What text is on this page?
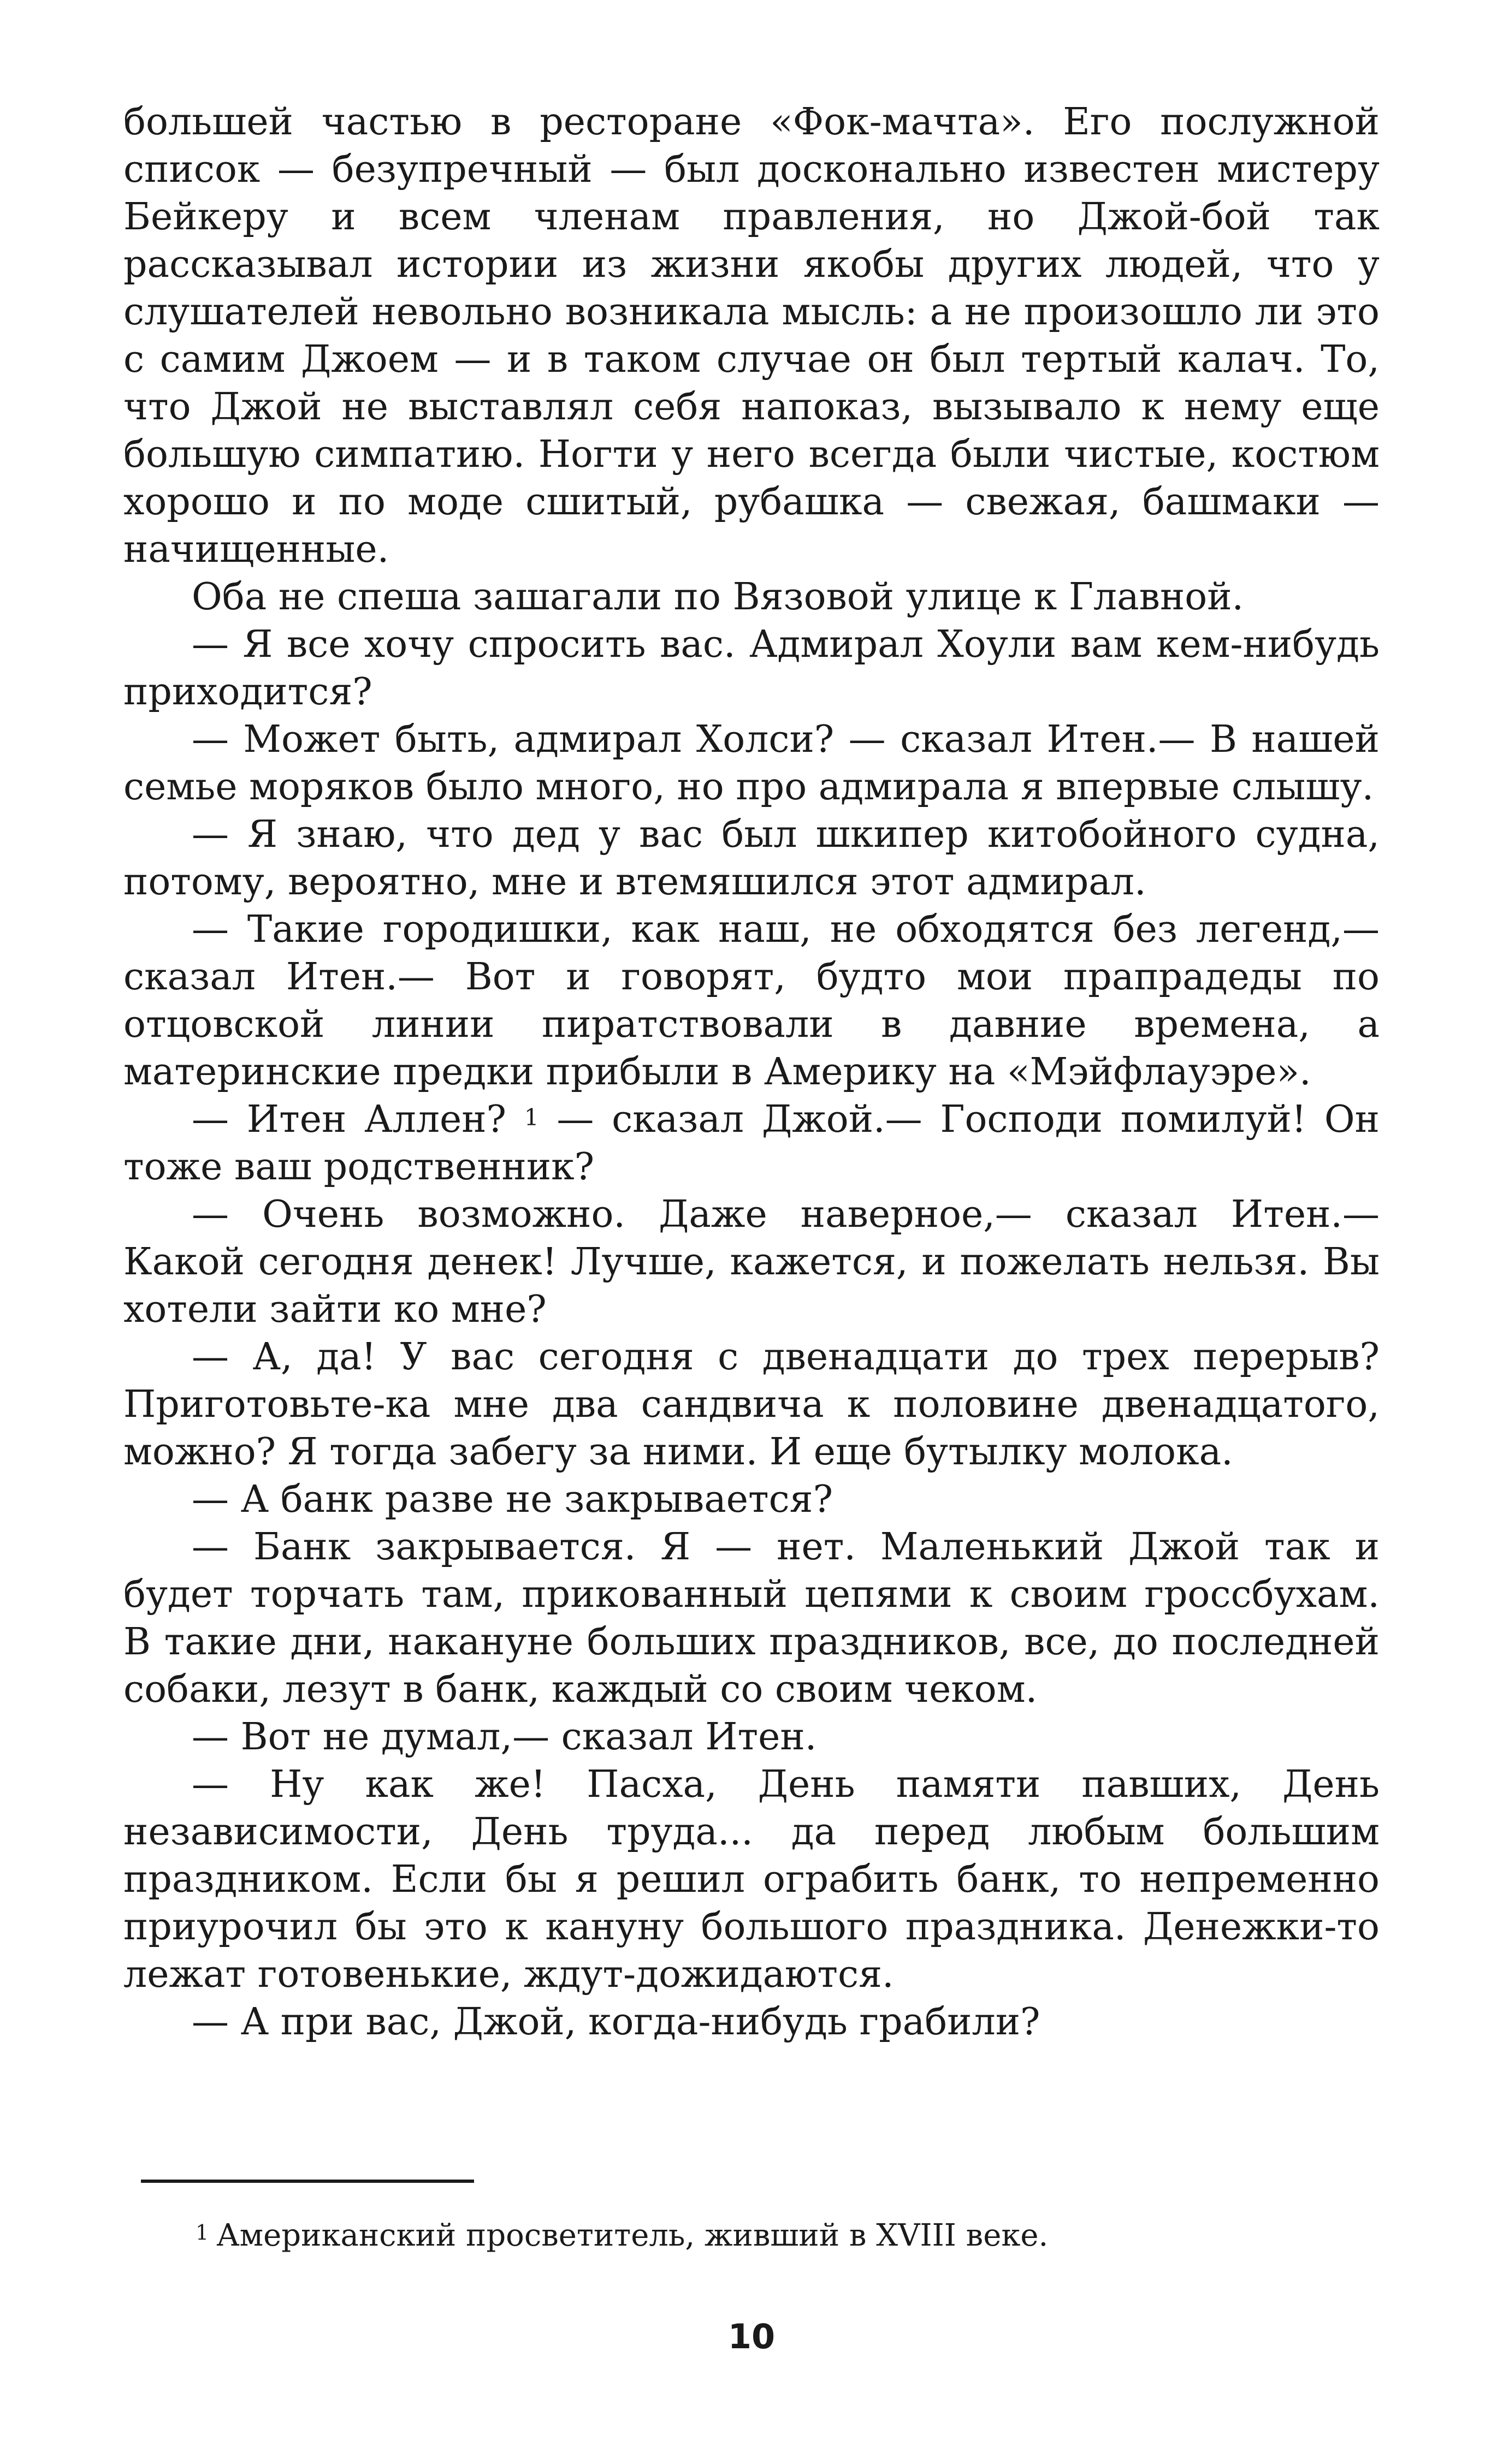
большей частью в ресторане «Фок-мачта». Его послужной список — безупречный — был досконально известен мистеру Бейкеру и всем членам правления, но Джой-бой так рассказывал истории из жизни якобы других людей, что у слушателей невольно возникала мысль: а не произошло ли это с самим Джоем — и в таком случае он был тертый калач. То, что Джой не выставлял себя напоказ, вызывало к нему еще большую симпатию. Ногти у него всегда были чистые, костюм хорошо и по моде сшитый, рубашка — свежая, башмаки — начищенные.

Оба не спеша зашагали по Вязовой улице к Главной.

— Я все хочу спросить вас. Адмирал Хоули вам кем-нибудь приходится?

— Может быть, адмирал Холси? — сказал Итен.— В нашей семье моряков было много, но про адмирала я впервые слышу.

— Я знаю, что дед у вас был шкипер китобойного судна, потому, вероятно, мне и втемяшился этот адмирал.

— Такие городишки, как наш, не обходятся без легенд,— сказал Итен.— Вот и говорят, будто мои прапрадеды по отцовской линии пиратствовали в давние времена, а материнские предки прибыли в Америку на «Мэйфлауэре».

— Итен Аллен? $^1$ — сказал Джой.— Господи помилуй! Он тоже ваш родственник?

— Очень возможно. Даже наверное,— сказал Итен.— Какой сегодня денек! Лучше, кажется, и пожелать нельзя. Вы хотели зайти ко мне?

— А, да! У вас сегодня с двенадцати до трех перерыв? Приготовьте-ка мне два сандвича к половине двенадцатого, можно? Я тогда забегу за ними. И еще бутылку молока.

— А банк разве не закрывается?

— Банк закрывается. Я — нет. Маленький Джой так и будет торчать там, прикованный цепями к своим гроссбухам. В такие дни, накануне больших праздников, все, до последней собаки, лезут в банк, каждый со своим чеком.

— Вот не думал,— сказал Итен.

— Ну как же! Пасха, День памяти павших, День независимости, День труда... да перед любым большим праздником. Если бы я решил ограбить банк, то непременно приурочил бы это к кануну большого праздника. Денежки-то лежат готовенькие, ждут-дожидаются.

— А при вас, Джой, когда-нибудь грабили?

$^1$ Американский просветитель, живший в XVIII веке.
10
